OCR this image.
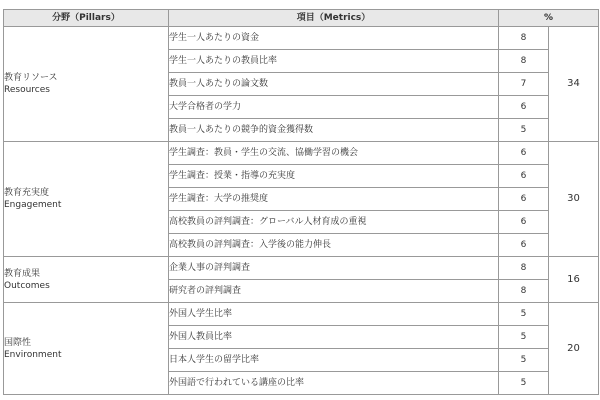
分野（Pillars）	項目（Metrics）	%	

教育リソース
Resources	学生一人あたりの資金	8	34
	学生一人あたりの教員比率	8	
	教員一人あたりの論文数	7	
	大学合格者の学力	6	
	教員一人あたりの競争的資金獲得数	5	

教育充実度
Engagement	学生調査：教員・学生の交流、協働学習の機会	6	30
	学生調査：授業・指導の充実度	6	
	学生調査：大学の推奨度	6	
	高校教員の評判調査：グローバル人材育成の重視	6	
	高校教員の評判調査：入学後の能力伸長	6	

教育成果
Outcomes	企業人事の評判調査	8	16
	研究者の評判調査	8	

国際性
Environment	外国人学生比率	5	20
	外国人教員比率	5	
	日本人学生の留学比率	5	
	外国語で行われている講座の比率	5	
